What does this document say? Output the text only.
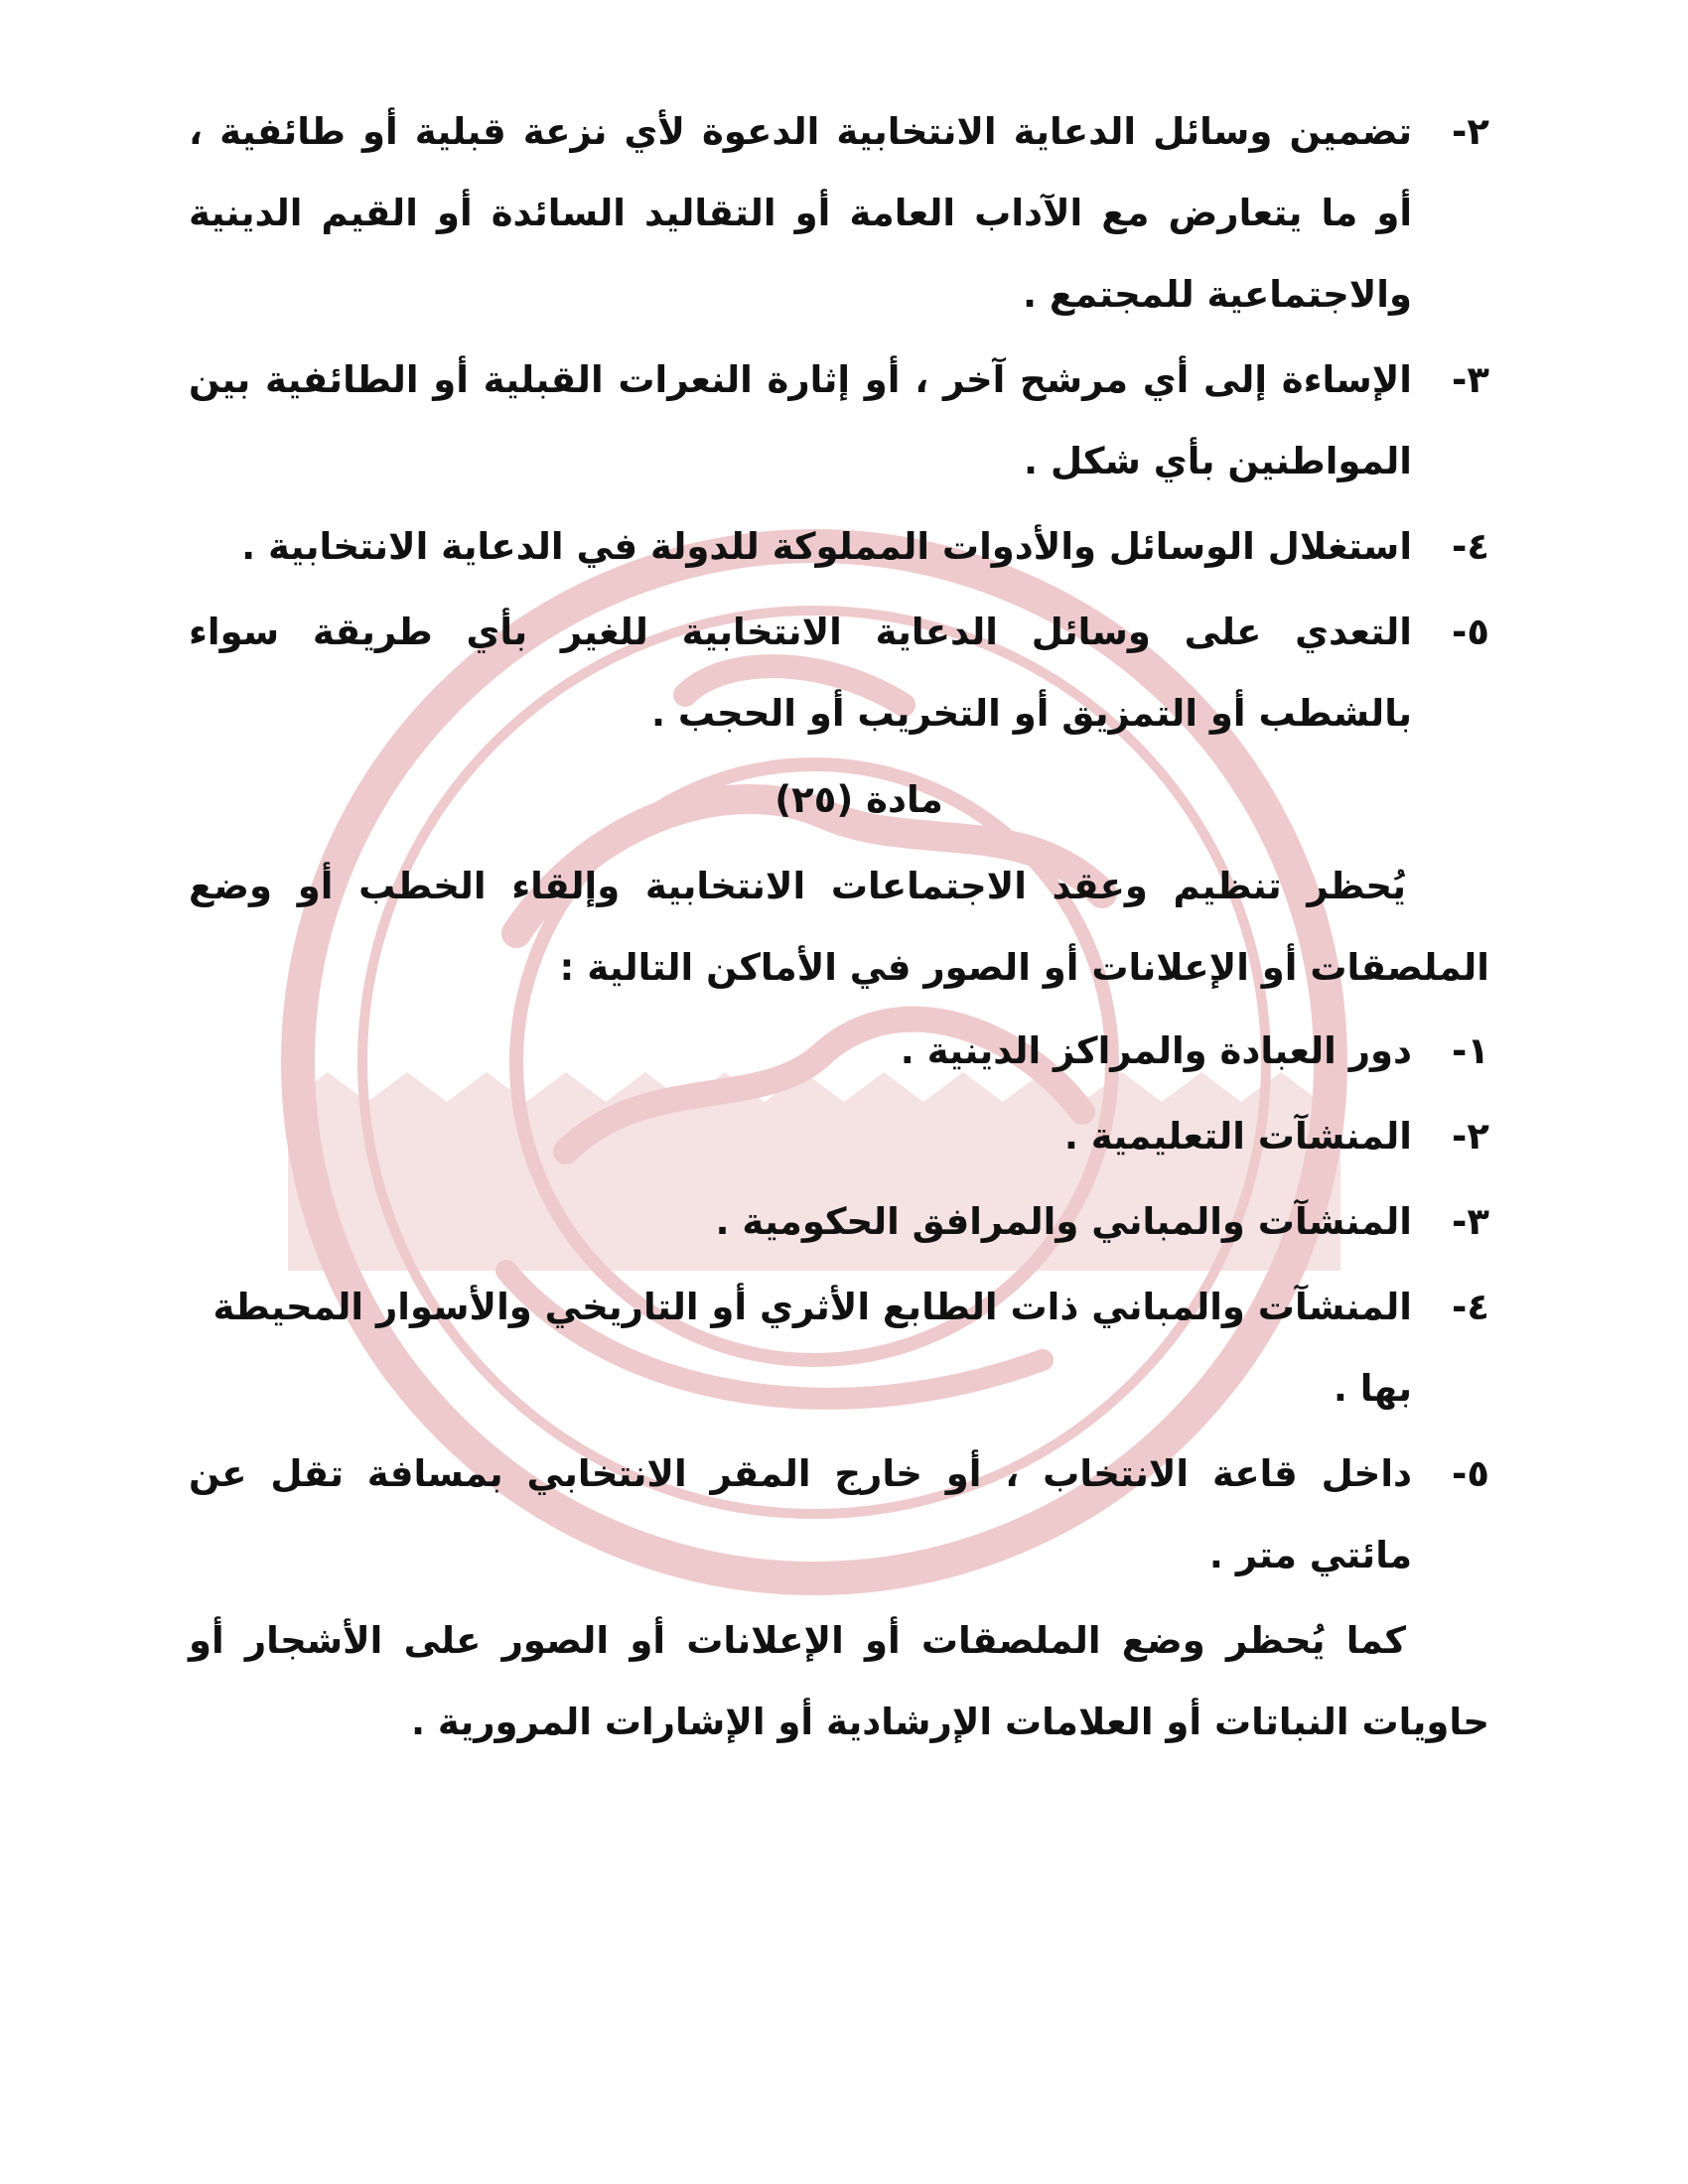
٢-
تضمين وسائل الدعاية الانتخابية الدعوة لأي نزعة قبلية أو طائفية ، أو ما يتعارض مع الآداب العامة أو التقاليد السائدة أو القيم الدينية والاجتماعية للمجتمع .
٣-
الإساءة إلى أي مرشح آخر ، أو إثارة النعرات القبلية أو الطائفية بين المواطنين بأي شكل .
٤-
استغلال الوسائل والأدوات المملوكة للدولة في الدعاية الانتخابية .
٥-
التعدي على وسائل الدعاية الانتخابية للغير بأي طريقة سواء بالشطب أو التمزيق أو التخريب أو الحجب .
مادة (٢٥)
يُحظر تنظيم وعقد الاجتماعات الانتخابية وإلقاء الخطب أو وضع الملصقات أو الإعلانات أو الصور في الأماكن التالية :
١-
دور العبادة والمراكز الدينية .
٢-
المنشآت التعليمية .
٣-
المنشآت والمباني والمرافق الحكومية .
٤-
المنشآت والمباني ذات الطابع الأثري أو التاريخي والأسوار المحيطة بها .
٥-
داخل قاعة الانتخاب ، أو خارج المقر الانتخابي بمسافة تقل عن مائتي متر .
كما يُحظر وضع الملصقات أو الإعلانات أو الصور على الأشجار أو حاويات النباتات أو العلامات الإرشادية أو الإشارات المرورية .
